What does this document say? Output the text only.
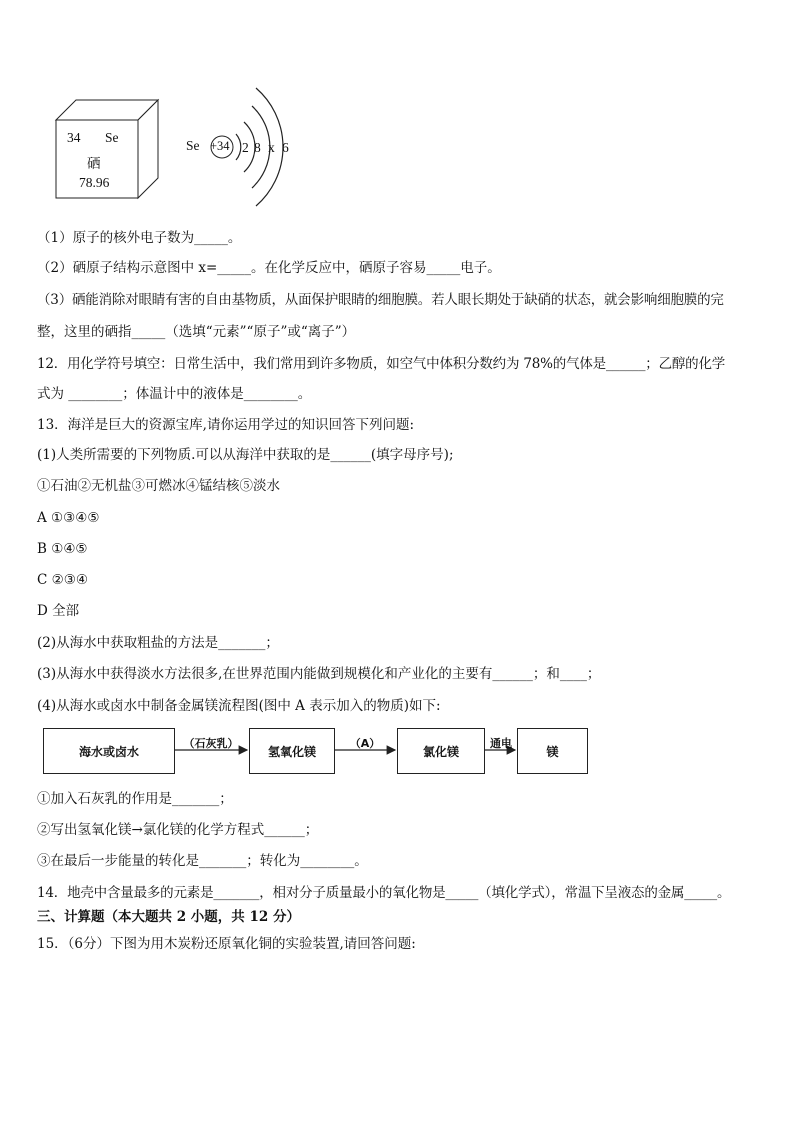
34 Se
硒
78.96
Se +34 2 8 x 6
（1）原子的核外电子数为_____。
（2）硒原子结构示意图中 x=_____。在化学反应中，硒原子容易_____电子。
（3）硒能消除对眼睛有害的自由基物质，从面保护眼睛的细胞膜。若人眼长期处于缺硝的状态，就会影响细胞膜的完
整，这里的硒指_____（选填“元素”“原子”或“离子”）
12．用化学符号填空：日常生活中，我们常用到许多物质，如空气中体积分数约为 78%的气体是______；乙醇的化学
式为 ________；体温计中的液体是________。
13．海洋是巨大的资源宝库,请你运用学过的知识回答下列问题:
(1)人类所需要的下列物质.可以从海洋中获取的是______(填字母序号);
①石油②无机盐③可燃冰④锰结核⑤淡水
A ①③④⑤
B ①④⑤
C ②③④
D 全部
(2)从海水中获取粗盐的方法是_______；
(3)从海水中获得淡水方法很多,在世界范围内能做到规模化和产业化的主要有______；和____；
(4)从海水或卤水中制备金属镁流程图(图中 A 表示加入的物质)如下:
海水或卤水	氢氧化镁	氯化镁	镁
（石灰乳）	（A）	通电
①加入石灰乳的作用是_______；
②写出氢氧化镁→氯化镁的化学方程式______；
③在最后一步能量的转化是_______；转化为________。
14．地壳中含量最多的元素是_______，相对分子质量最小的氧化物是_____（填化学式），常温下呈液态的金属_____。
三、计算题（本大题共 2 小题，共 12 分）
15．（6分）下图为用木炭粉还原氧化铜的实验装置,请回答问题:
